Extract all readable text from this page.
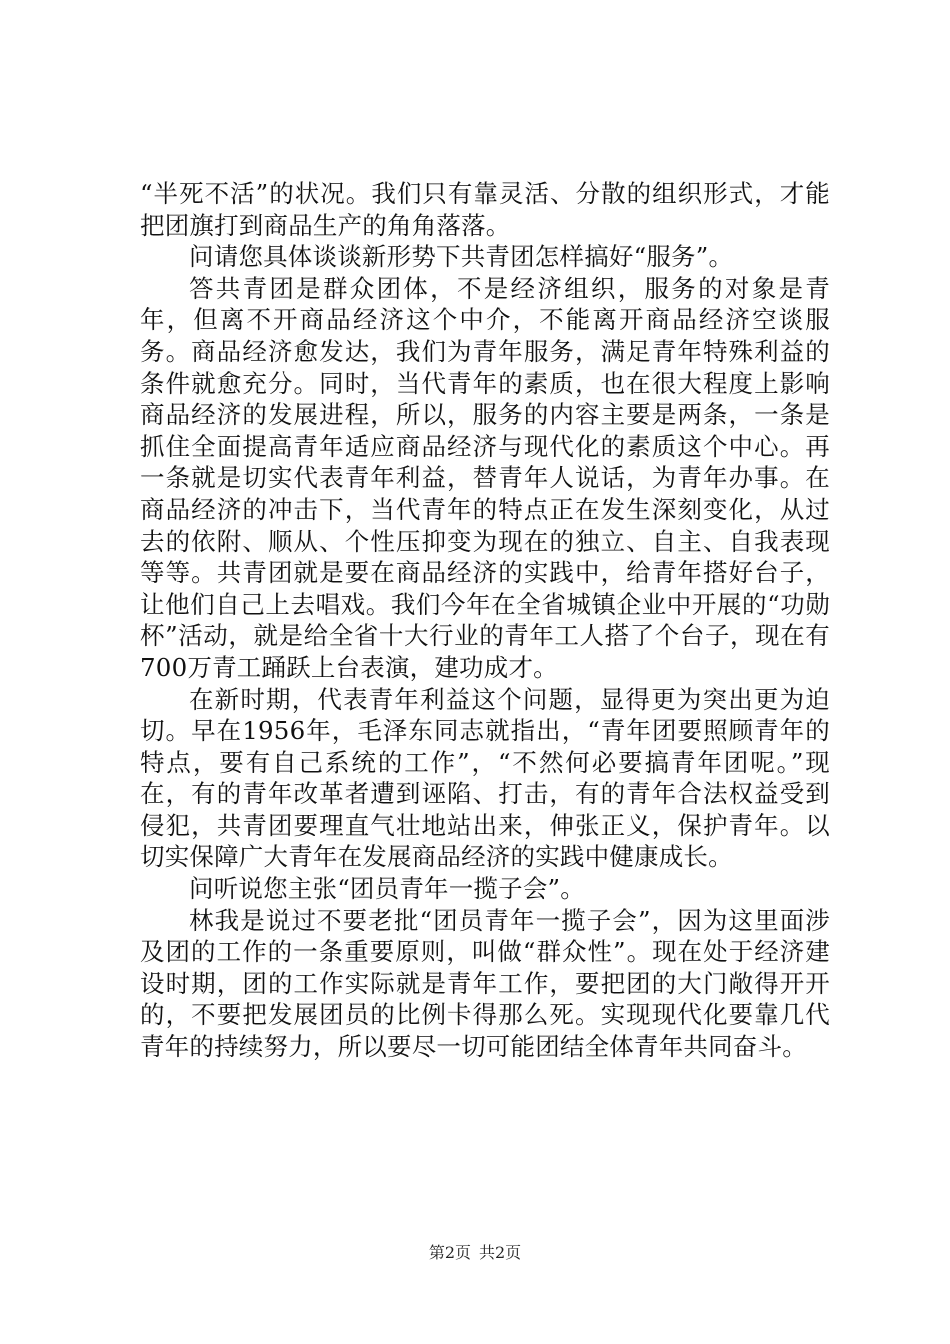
“半死不活”的状况。我们只有靠灵活、分散的组织形式，才能把团旗打到商品生产的角角落落。

问请您具体谈谈新形势下共青团怎样搞好“服务”。

答共青团是群众团体，不是经济组织，服务的对象是青年，但离不开商品经济这个中介，不能离开商品经济空谈服务。商品经济愈发达，我们为青年服务，满足青年特殊利益的条件就愈充分。同时，当代青年的素质，也在很大程度上影响商品经济的发展进程，所以，服务的内容主要是两条，一条是抓住全面提高青年适应商品经济与现代化的素质这个中心。再一条就是切实代表青年利益，替青年人说话，为青年办事。在商品经济的冲击下，当代青年的特点正在发生深刻变化，从过去的依附、顺从、个性压抑变为现在的独立、自主、自我表现等等。共青团就是要在商品经济的实践中，给青年搭好台子，让他们自己上去唱戏。我们今年在全省城镇企业中开展的“功勋杯”活动，就是给全省十大行业的青年工人搭了个台子，现在有700万青工踊跃上台表演，建功成才。

在新时期，代表青年利益这个问题，显得更为突出更为迫切。早在1956年，毛泽东同志就指出，“青年团要照顾青年的特点，要有自己系统的工作”，“不然何必要搞青年团呢。”现在，有的青年改革者遭到诬陷、打击，有的青年合法权益受到侵犯，共青团要理直气壮地站出来，伸张正义，保护青年。以切实保障广大青年在发展商品经济的实践中健康成长。

问听说您主张“团员青年一揽子会”。

林我是说过不要老批“团员青年一揽子会”，因为这里面涉及团的工作的一条重要原则，叫做“群众性”。现在处于经济建设时期，团的工作实际就是青年工作，要把团的大门敞得开开的，不要把发展团员的比例卡得那么死。实现现代化要靠几代青年的持续努力，所以要尽一切可能团结全体青年共同奋斗。

第2页 共2页
